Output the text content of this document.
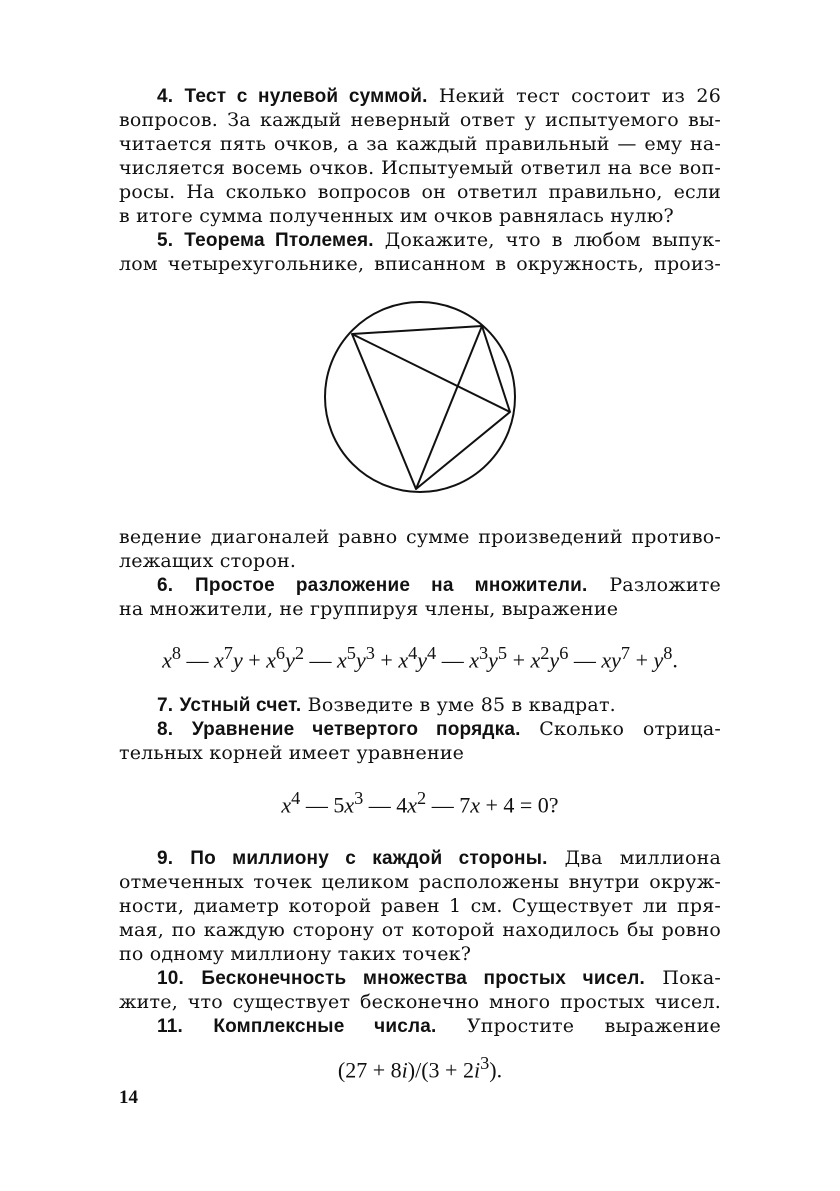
4. Тест с нулевой суммой. Некий тест состоит из 26
вопросов. За каждый неверный ответ у испытуемого вы-
читается пять очков, а за каждый правильный — ему на-
числяется восемь очков. Испытуемый ответил на все воп-
росы. На сколько вопросов он ответил правильно, если
в итоге сумма полученных им очков равнялась нулю?
5. Теорема Птолемея. Докажите, что в любом выпук-
лом четырехугольнике, вписанном в окружность, произ-
ведение диагоналей равно сумме произведений противо-
лежащих сторон.
6. Простое разложение на множители. Разложите
на множители, не группируя члены, выражение
$x^8$ — $x^7y + x^6y^2$ — $x^5y^3 + x^4y^4$ — $x^3y^5 + x^2y^6$ — $xy^7 + y^8$.
7. Устный счет. Возведите в уме 85 в квадрат.
8. Уравнение четвертого порядка. Сколько отрица-
тельных корней имеет уравнение
$x^4$ — $5x^3$ — $4x^2$ — 7x + 4 = 0?
9. По миллиону с каждой стороны. Два миллиона
отмеченных точек целиком расположены внутри окруж-
ности, диаметр которой равен 1 см. Существует ли пря-
мая, по каждую сторону от которой находилось бы ровно
по одному миллиону таких точек?
10. Бесконечность множества простых чисел. Пока-
жите, что существует бесконечно много простых чисел.
11. Комплексные числа. Упростите выражение
$(27 + 8i)/(3 + 2i^3)$.
14
